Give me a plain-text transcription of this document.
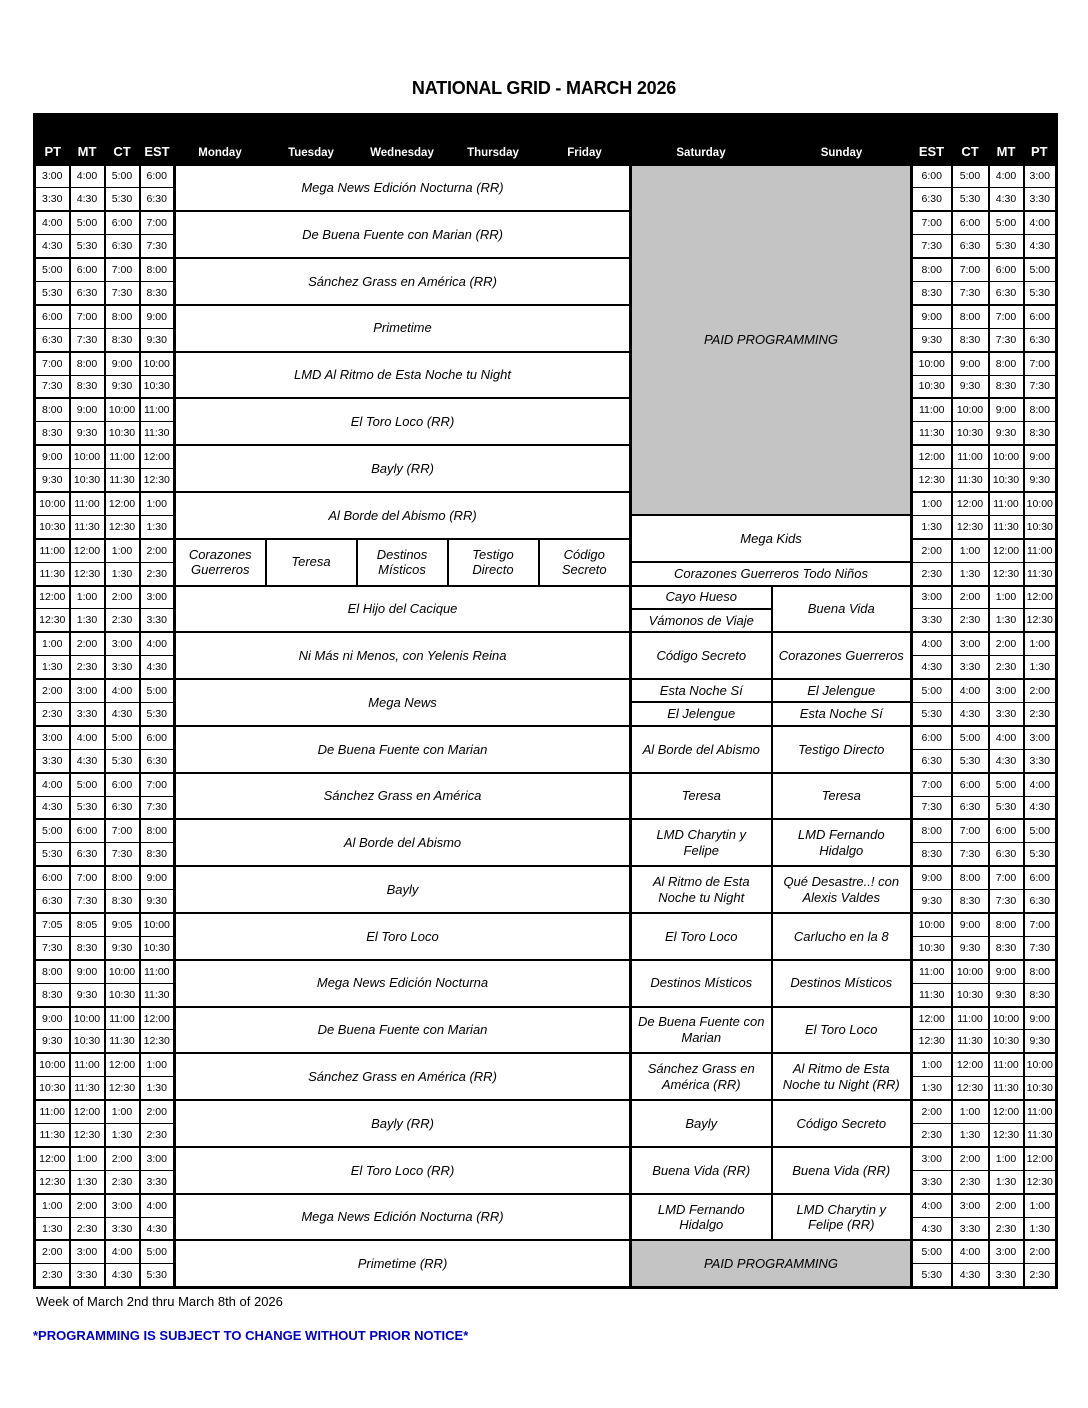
NATIONAL GRID - MARCH 2026
PT	MT	CT	EST	Monday	Tuesday	Wednesday	Thursday	Friday	Saturday	Sunday	EST	CT	MT	PT
3:00	4:00	5:00	6:00	Mega News Edición Nocturna (RR)					PAID PROGRAMMING		6:00	5:00	4:00	3:00
3:30	4:30	5:30	6:30								6:30	5:30	4:30	3:30
4:00	5:00	6:00	7:00	De Buena Fuente con Marian (RR)							7:00	6:00	5:00	4:00
4:30	5:30	6:30	7:30								7:30	6:30	5:30	4:30
5:00	6:00	7:00	8:00	Sánchez Grass en América (RR)							8:00	7:00	6:00	5:00
5:30	6:30	7:30	8:30								8:30	7:30	6:30	5:30
6:00	7:00	8:00	9:00	Primetime							9:00	8:00	7:00	6:00
6:30	7:30	8:30	9:30								9:30	8:30	7:30	6:30
7:00	8:00	9:00	10:00	LMD Al Ritmo de Esta Noche tu Night							10:00	9:00	8:00	7:00
7:30	8:30	9:30	10:30								10:30	9:30	8:30	7:30
8:00	9:00	10:00	11:00	El Toro Loco (RR)							11:00	10:00	9:00	8:00
8:30	9:30	10:30	11:30								11:30	10:30	9:30	8:30
9:00	10:00	11:00	12:00	Bayly (RR)							12:00	11:00	10:00	9:00
9:30	10:30	11:30	12:30								12:30	11:30	10:30	9:30
10:00	11:00	12:00	1:00	Al Borde del Abismo (RR)							1:00	12:00	11:00	10:00
10:30	11:30	12:30	1:30						Mega Kids		1:30	12:30	11:30	10:30
11:00	12:00	1:00	2:00	Corazones Guerreros	Teresa	Destinos Místicos	Testigo Directo	Código Secreto			2:00	1:00	12:00	11:00
11:30	12:30	1:30	2:30						Corazones Guerreros Todo Niños		2:30	1:30	12:30	11:30
12:00	1:00	2:00	3:00	El Hijo del Cacique					Cayo Hueso	Buena Vida	3:00	2:00	1:00	12:00
12:30	1:30	2:30	3:30						Vámonos de Viaje		3:30	2:30	1:30	12:30
1:00	2:00	3:00	4:00	Ni Más ni Menos, con Yelenis Reina					Código Secreto	Corazones Guerreros	4:00	3:00	2:00	1:00
1:30	2:30	3:30	4:30								4:30	3:30	2:30	1:30
2:00	3:00	4:00	5:00	Mega News					Esta Noche Sí	El Jelengue	5:00	4:00	3:00	2:00
2:30	3:30	4:30	5:30						El Jelengue	Esta Noche Sí	5:30	4:30	3:30	2:30
3:00	4:00	5:00	6:00	De Buena Fuente con Marian					Al Borde del Abismo	Testigo Directo	6:00	5:00	4:00	3:00
3:30	4:30	5:30	6:30								6:30	5:30	4:30	3:30
4:00	5:00	6:00	7:00	Sánchez Grass en América					Teresa	Teresa	7:00	6:00	5:00	4:00
4:30	5:30	6:30	7:30								7:30	6:30	5:30	4:30
5:00	6:00	7:00	8:00	Al Borde del Abismo					LMD Charytin y Felipe	LMD Fernando Hidalgo	8:00	7:00	6:00	5:00
5:30	6:30	7:30	8:30								8:30	7:30	6:30	5:30
6:00	7:00	8:00	9:00	Bayly					Al Ritmo de Esta Noche tu Night	Qué Desastre..! con Alexis Valdes	9:00	8:00	7:00	6:00
6:30	7:30	8:30	9:30								9:30	8:30	7:30	6:30
7:05	8:05	9:05	10:00	El Toro Loco					El Toro Loco	Carlucho en la 8	10:00	9:00	8:00	7:00
7:30	8:30	9:30	10:30								10:30	9:30	8:30	7:30
8:00	9:00	10:00	11:00	Mega News Edición Nocturna					Destinos Místicos	Destinos Místicos	11:00	10:00	9:00	8:00
8:30	9:30	10:30	11:30								11:30	10:30	9:30	8:30
9:00	10:00	11:00	12:00	De Buena Fuente con Marian					De Buena Fuente con Marian	El Toro Loco	12:00	11:00	10:00	9:00
9:30	10:30	11:30	12:30								12:30	11:30	10:30	9:30
10:00	11:00	12:00	1:00	Sánchez Grass en América (RR)					Sánchez Grass en América (RR)	Al Ritmo de Esta Noche tu Night (RR)	1:00	12:00	11:00	10:00
10:30	11:30	12:30	1:30								1:30	12:30	11:30	10:30
11:00	12:00	1:00	2:00	Bayly (RR)					Bayly	Código Secreto	2:00	1:00	12:00	11:00
11:30	12:30	1:30	2:30								2:30	1:30	12:30	11:30
12:00	1:00	2:00	3:00	El Toro Loco (RR)					Buena Vida (RR)	Buena Vida (RR)	3:00	2:00	1:00	12:00
12:30	1:30	2:30	3:30								3:30	2:30	1:30	12:30
1:00	2:00	3:00	4:00	Mega News Edición Nocturna (RR)					LMD Fernando Hidalgo	LMD Charytin y Felipe (RR)	4:00	3:00	2:00	1:00
1:30	2:30	3:30	4:30								4:30	3:30	2:30	1:30
2:00	3:00	4:00	5:00	Primetime (RR)					PAID PROGRAMMING		5:00	4:00	3:00	2:00
2:30	3:30	4:30	5:30								5:30	4:30	3:30	2:30
Week of March 2nd thru March 8th of 2026
*PROGRAMMING IS SUBJECT TO CHANGE WITHOUT PRIOR NOTICE*
